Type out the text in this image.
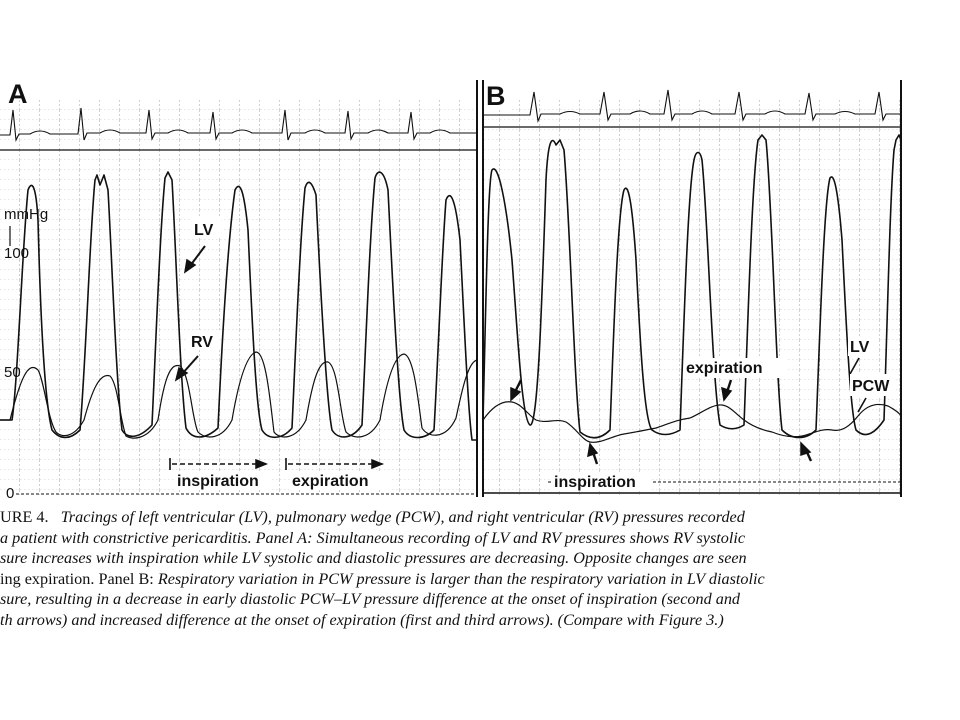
A
mmHg
100
50
0
LV
RV
inspiration expiration
B
LV
PCW
expiration
inspiration
URE 4. Tracings of left ventricular (LV), pulmonary wedge (PCW), and right ventricular (RV) pressures recorded
a patient with constrictive pericarditis. Panel A: Simultaneous recording of LV and RV pressures shows RV systolic
sure increases with inspiration while LV systolic and diastolic pressures are decreasing. Opposite changes are seen
ing expiration. Panel B: Respiratory variation in PCW pressure is larger than the respiratory variation in LV diastolic
sure, resulting in a decrease in early diastolic PCW–LV pressure difference at the onset of inspiration (second and
th arrows) and increased difference at the onset of expiration (first and third arrows). (Compare with Figure 3.)
